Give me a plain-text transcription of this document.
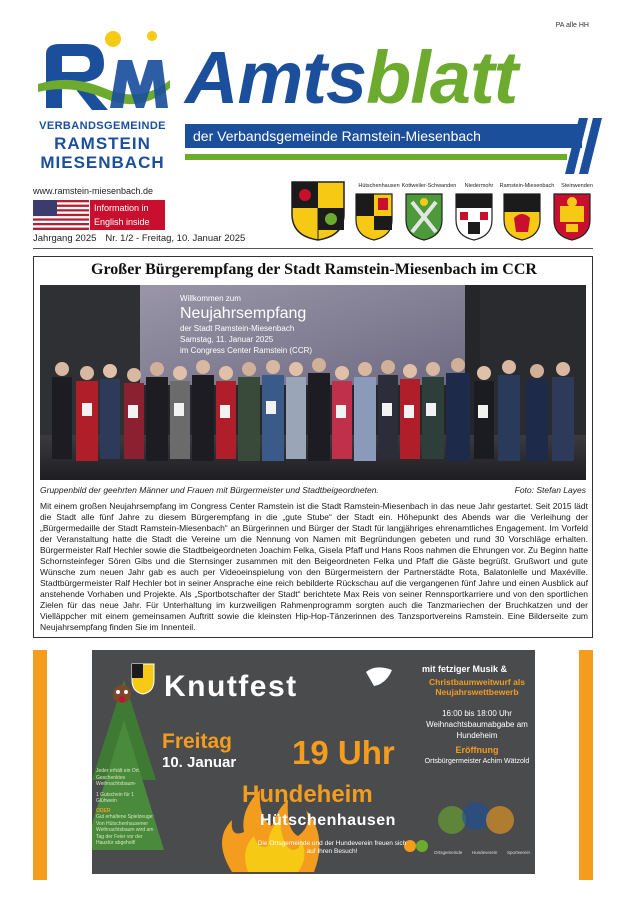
PA alle HH
VERBANDSGEMEINDE
RAMSTEIN
MIESENBACH
Amtsblatt
der Verbandsgemeinde Ramstein-Miesenbach
www.ramstein-miesenbach.de
Information in English inside
Jahrgang 2025 Nr. 1/2 - Freitag, 10. Januar 2025
Hütschenhausen Kottweiler-Schwanden	Niedermohr	Ramstein-Miesenbach	Steinwenden
Großer Bürgerempfang der Stadt Ramstein-Miesenbach im CCR
Willkommen zum
Neujahrsempfang
der Stadt Ramstein-Miesenbach
Samstag, 11. Januar 2025
im Congress Center Ramstein (CCR)
Gruppenbild der geehrten Männer und Frauen mit Bürgermeister und Stadtbeigeordneten.	Foto: Stefan Layes
Mit einem großen Neujahrsempfang im Congress Center Ramstein ist die Stadt Ramstein-Miesenbach in das neue Jahr gestartet. Seit 2015 lädt die Stadt alle fünf Jahre zu diesem Bürgerempfang in die „gute Stube“ der Stadt ein. Höhepunkt des Abends war die Verleihung der „Bürgermedaille der Stadt Ramstein-Miesenbach“ an Bürgerinnen und Bürger der Stadt für langjähriges ehrenamtliches Engagement. Im Vorfeld der Veranstaltung hatte die Stadt die Vereine um die Nennung von Namen mit Begründungen gebeten und rund 30 Vorschläge erhalten. Bürgermeister Ralf Hechler sowie die Stadtbeigeordneten Joachim Felka, Gisela Pfaff und Hans Roos nahmen die Ehrungen vor. Zu Beginn hatte Schornsteinfeger Sören Gibs und die Sternsinger zusammen mit den Beigeordneten Felka und Pfaff die Gäste begrüßt. Grußwort und gute Wünsche zum neuen Jahr gab es auch per Videoeinspielung von den Bürgermeistern der Partnerstädte Rota, Balatonlelle und Maxéville. Stadtbürgermeister Ralf Hechler bot in seiner Ansprache eine reich bebilderte Rückschau auf die vergangenen fünf Jahre und einen Ausblick auf anstehende Vorhaben und Projekte. Als „Sportbotschafter der Stadt“ berichtete Max Reis von seiner Rennsportkarriere und von den sportlichen Zielen für das neue Jahr. Für Unterhaltung im kurzweiligen Rahmenprogramm sorgten auch die Tanzmariechen der Bruchkatzen und der Vielläppcher mit einem gemeinsamen Auftritt sowie die kleinsten Hip-Hop-Tänzerinnen des Tanzsportvereins Ramstein. Eine Bilderseite zum Neujahrsempfang finden Sie im Innenteil.
Knutfest
mit fetziger Musik &
Christbaumweitwurf als Neujahrswettbewerb
16:00 bis 18:00 Uhr Weihnachtsbaumabgabe am Hundeheim
Eröffnung
Ortsbürgermeister Achim Wätzold
Freitag
10. Januar 19 Uhr
Hundeheim
Hütschenhausen
Die Ortsgemeinde und der Hundeverein freuen sich auf Ihren Besuch!
Jeder erhält ein Ort. Geschenktes Weihnachtsbaum-
1 Gutschein für 1 Glühwein
ODER
Gut erhaltene Spielzeuge: Von Hütschenhausener Weihnachtsbaum wird am Tag der Feier vor der Haustür abgeholt!
Ortsgemeinde Hundeverein Sportverein
